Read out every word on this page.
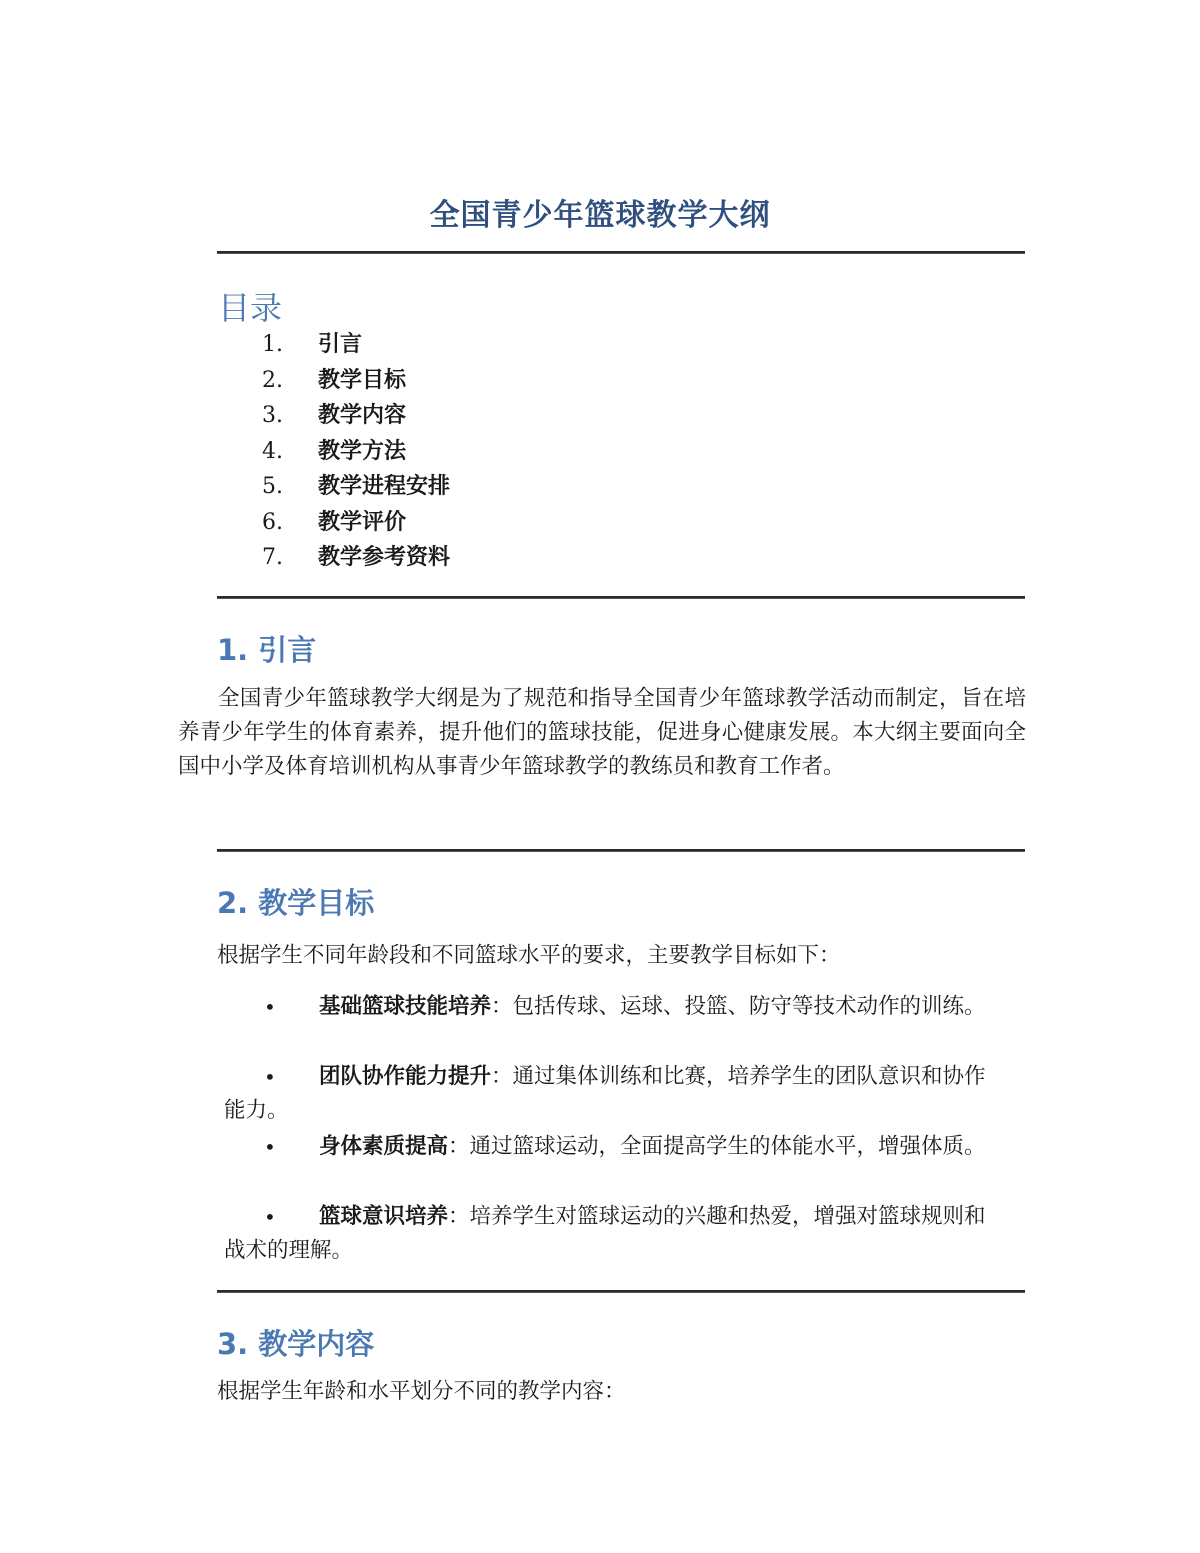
全国青少年篮球教学大纲
目录
1. 引言
2. 教学目标
3. 教学内容
4. 教学方法
5. 教学进程安排
6. 教学评价
7. 教学参考资料
1. 引言
全国青少年篮球教学大纲是为了规范和指导全国青少年篮球教学活动而制定，旨在培养青少年学生的体育素养，提升他们的篮球技能，促进身心健康发展。本大纲主要面向全国中小学及体育培训机构从事青少年篮球教学的教练员和教育工作者。
2. 教学目标
根据学生不同年龄段和不同篮球水平的要求，主要教学目标如下：
• 基础篮球技能培养：包括传球、运球、投篮、防守等技术动作的训练。
• 团队协作能力提升：通过集体训练和比赛，培养学生的团队意识和协作能力。
• 身体素质提高：通过篮球运动，全面提高学生的体能水平，增强体质。
• 篮球意识培养：培养学生对篮球运动的兴趣和热爱，增强对篮球规则和战术的理解。
3. 教学内容
根据学生年龄和水平划分不同的教学内容：
